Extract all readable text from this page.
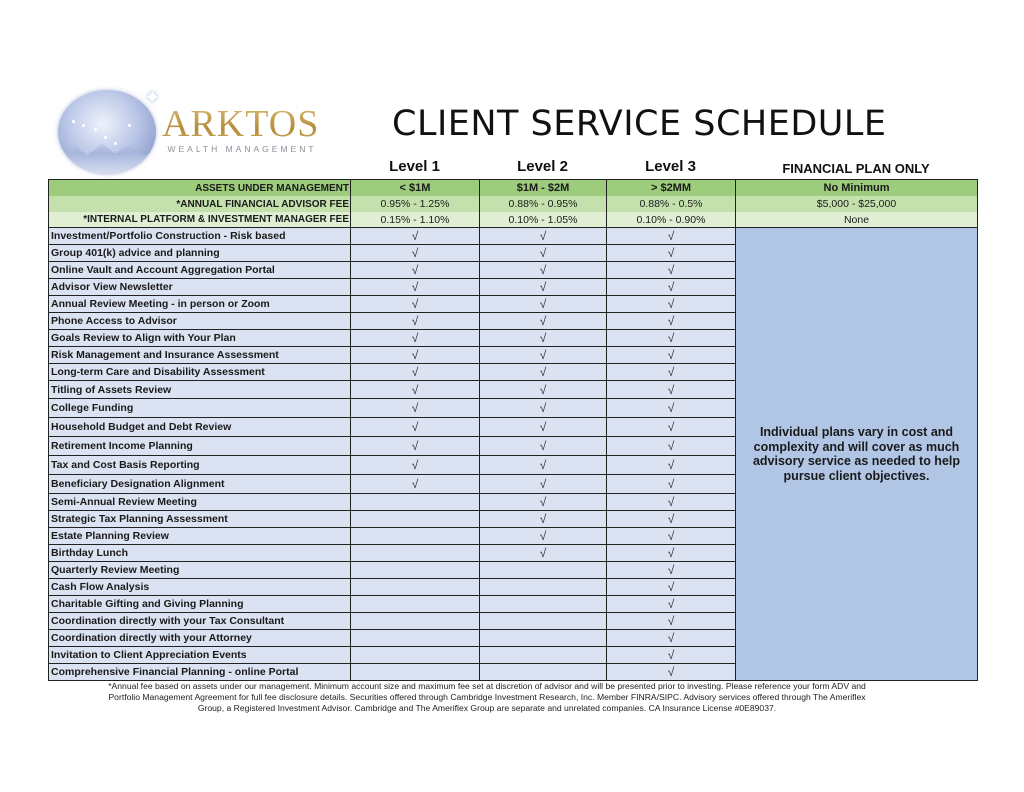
✦
ARKTOS
WEALTH MANAGEMENT
CLIENT SERVICE SCHEDULE
Level 1	Level 2	Level 3	FINANCIAL PLAN ONLY
ASSETS UNDER MANAGEMENT	< $1M	$1M - $2M	> $2MM	No Minimum
*ANNUAL FINANCIAL ADVISOR FEE	0.95% - 1.25%	0.88% - 0.95%	0.88% - 0.5%	$5,000 - $25,000
*INTERNAL PLATFORM & INVESTMENT MANAGER FEE	0.15% - 1.10%	0.10% - 1.05%	0.10% - 0.90%	None
Investment/Portfolio Construction - Risk based	√	√	√	Individual plans vary in cost and complexity and will cover as much advisory service as needed to help pursue client objectives.
Group 401(k) advice and planning	√	√	√	
Online Vault and Account Aggregation Portal	√	√	√	
Advisor View Newsletter	√	√	√	
Annual Review Meeting - in person or Zoom	√	√	√	
Phone Access to Advisor	√	√	√	
Goals Review to Align with Your Plan	√	√	√	
Risk Management and Insurance Assessment	√	√	√	
Long-term Care and Disability Assessment	√	√	√	
Titling of Assets Review	√	√	√	
College Funding	√	√	√	
Household Budget and Debt Review	√	√	√	
Retirement Income Planning	√	√	√	
Tax and Cost Basis Reporting	√	√	√	
Beneficiary Designation Alignment	√	√	√	
Semi-Annual Review Meeting		√	√	
Strategic Tax Planning Assessment		√	√	
Estate Planning Review		√	√	
Birthday Lunch		√	√	
Quarterly Review Meeting			√	
Cash Flow Analysis			√	
Charitable Gifting and Giving Planning			√	
Coordination directly with your Tax Consultant			√	
Coordination directly with your Attorney			√	
Invitation to Client Appreciation Events			√	
Comprehensive Financial Planning - online Portal			√	
*Annual fee based on assets under our management. Minimum account size and maximum fee set at discretion of advisor and will be presented prior to investing. Please reference your form ADV and
Portfolio Management Agreement for full fee disclosure details. Securities offered through Cambridge Investment Research, Inc. Member FINRA/SIPC. Advisory services offered through The Ameriflex
Group, a Registered Investment Advisor. Cambridge and The Ameriflex Group are separate and unrelated companies. CA Insurance License #0E89037.
